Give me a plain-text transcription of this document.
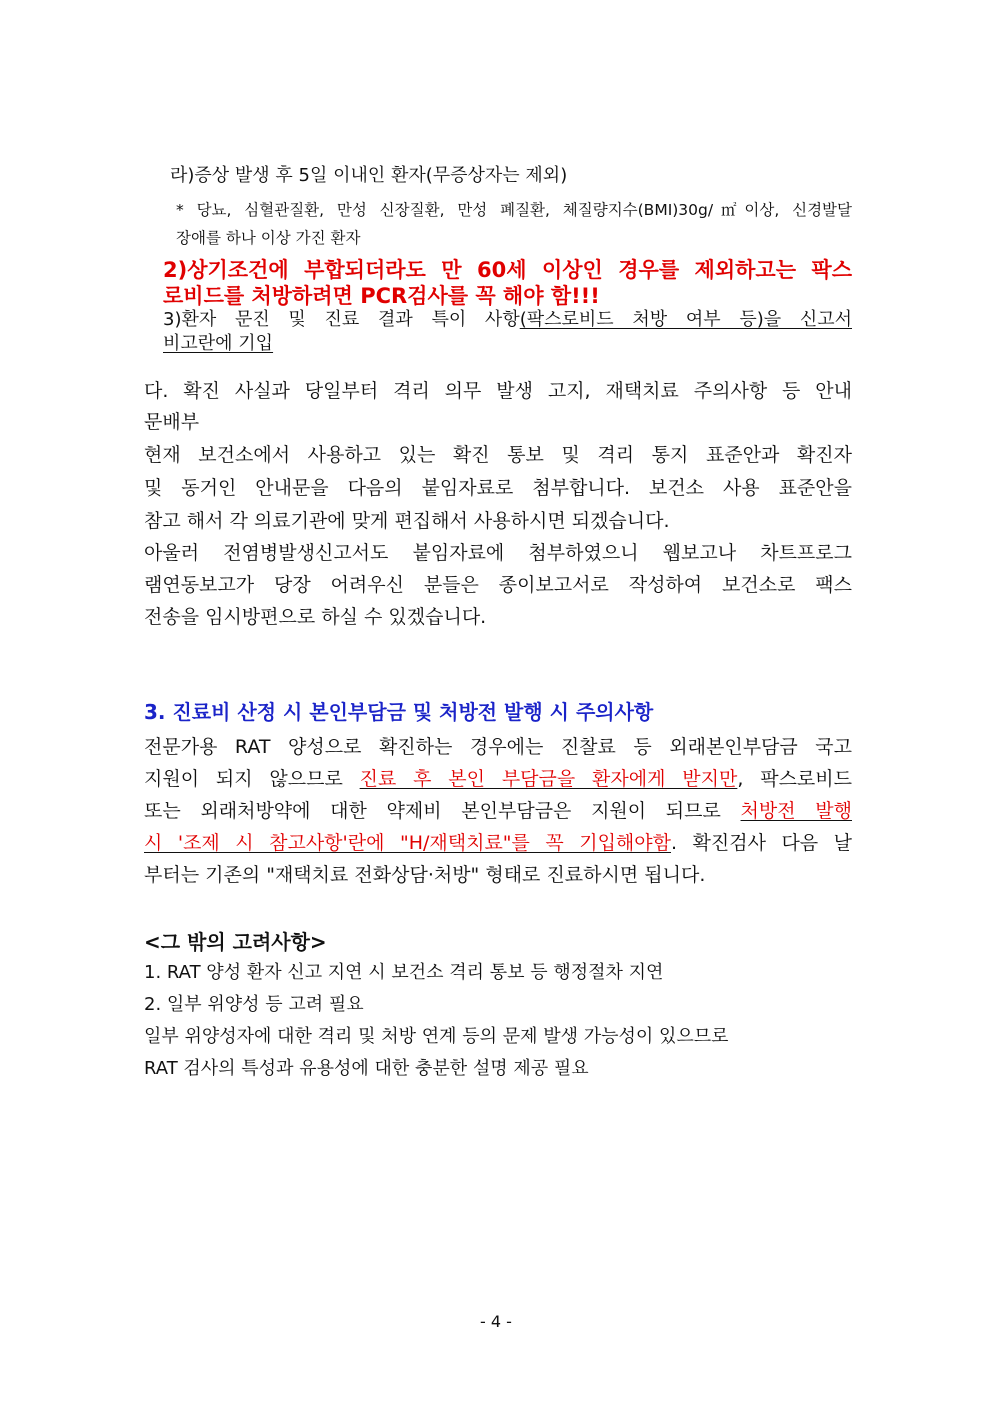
라)증상 발생 후 5일 이내인 환자(무증상자는 제외)
* 당뇨, 심혈관질환, 만성 신장질환, 만성 폐질환, 체질량지수(BMI)30g/㎡이상, 신경발달
장애를 하나 이상 가진 환자
2)상기조건에 부합되더라도 만 60세 이상인 경우를 제외하고는 팍스
로비드를 처방하려면 PCR검사를 꼭 해야 함!!!
3)환자 문진 및 진료 결과 특이 사항(팍스로비드 처방 여부 등)을 신고서
비고란에 기입
다. 확진 사실과 당일부터 격리 의무 발생 고지, 재택치료 주의사항 등 안내
문배부
현재 보건소에서 사용하고 있는 확진 통보 및 격리 통지 표준안과 확진자
및 동거인 안내문을 다음의 붙임자료로 첨부합니다. 보건소 사용 표준안을
참고 해서 각 의료기관에 맞게 편집해서 사용하시면 되겠습니다.
아울러 전염병발생신고서도 붙임자료에 첨부하였으니 웹보고나 차트프로그
램연동보고가 당장 어려우신 분들은 종이보고서로 작성하여 보건소로 팩스
전송을 임시방편으로 하실 수 있겠습니다.
3. 진료비 산정 시 본인부담금 및 처방전 발행 시 주의사항
전문가용 RAT 양성으로 확진하는 경우에는 진찰료 등 외래본인부담금 국고
지원이 되지 않으므로 진료 후 본인 부담금을 환자에게 받지만, 팍스로비드
또는 외래처방약에 대한 약제비 본인부담금은 지원이 되므로 처방전 발행
시 '조제 시 참고사항'란에 "H/재택치료"를 꼭 기입해야함. 확진검사 다음 날
부터는 기존의 "재택치료 전화상담·처방" 형태로 진료하시면 됩니다.
<그 밖의 고려사항>
1. RAT 양성 환자 신고 지연 시 보건소 격리 통보 등 행정절차 지연
2. 일부 위양성 등 고려 필요
일부 위양성자에 대한 격리 및 처방 연계 등의 문제 발생 가능성이 있으므로
RAT 검사의 특성과 유용성에 대한 충분한 설명 제공 필요
- 4 -
